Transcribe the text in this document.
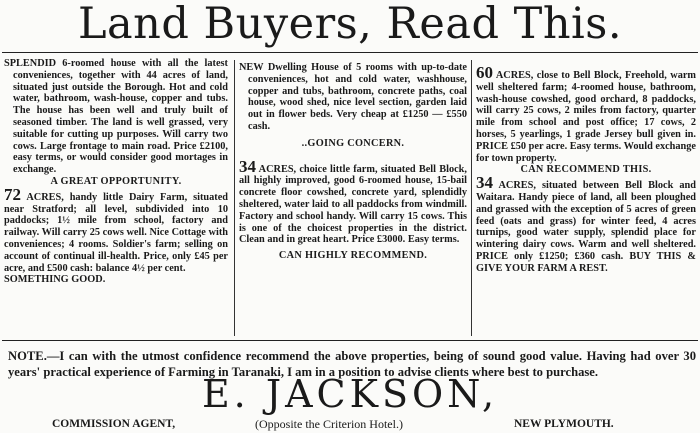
Land Buyers, Read This.

SPLENDID 6-roomed house with all the latest conveniences, together with 44 acres of land, situated just outside the Borough. Hot and cold water, bathroom, wash-house, copper and tubs. The house has been well and truly built of seasoned timber. The land is well grassed, very suitable for cutting up purposes. Will carry two cows. Large frontage to main road. Price £2100, easy terms, or would consider good mortages in exchange.

A GREAT OPPORTUNITY.

72 ACRES, handy little Dairy Farm, situated near Stratford; all level, subdivided into 10 paddocks; 1½ mile from school, factory and railway. Will carry 25 cows well. Nice Cottage with conveniences; 4 rooms. Soldier's farm; selling on account of continual ill-health. Price, only £45 per acre, and £500 cash: balance 4½ per cent.

SOMETHING GOOD.

NEW Dwelling House of 5 rooms with up-to-date conveniences, hot and cold water, washhouse, copper and tubs, bathroom, concrete paths, coal house, wood shed, nice level section, garden laid out in flower beds. Very cheap at £1250 — £550 cash.

..GOING CONCERN.

34 ACRES, choice little farm, situated Bell Block, all highly improved, good 6-roomed house, 15-bail concrete floor cowshed, concrete yard, splendidly sheltered, water laid to all paddocks from windmill. Factory and school handy. Will carry 15 cows. This is one of the choicest properties in the district. Clean and in great heart. Price £3000. Easy terms.

CAN HIGHLY RECOMMEND.

60 ACRES, close to Bell Block, Freehold, warm well sheltered farm; 4-roomed house, bathroom, wash-house cowshed, good orchard, 8 paddocks, will carry 25 cows, 2 miles from factory, quarter mile from school and post office; 17 cows, 2 horses, 5 yearlings, 1 grade Jersey bull given in. PRICE £50 per acre. Easy terms. Would exchange for town property.

CAN RECOMMEND THIS.

34 ACRES, situated between Bell Block and Waitara. Handy piece of land, all been ploughed and grassed with the exception of 5 acres of green feed (oats and grass) for winter feed, 4 acres turnips, good water supply, splendid place for wintering dairy cows. Warm and well sheltered. PRICE only £1250; £360 cash. BUY THIS & GIVE YOUR FARM A REST.

NOTE.—I can with the utmost confidence recommend the above properties, being of sound good value. Having had over 30 years' practical experience of Farming in Taranaki, I am in a position to advise clients where best to purchase.
E. JACKSON,
COMMISSION AGENT,	(Opposite the Criterion Hotel.)	NEW PLYMOUTH.
